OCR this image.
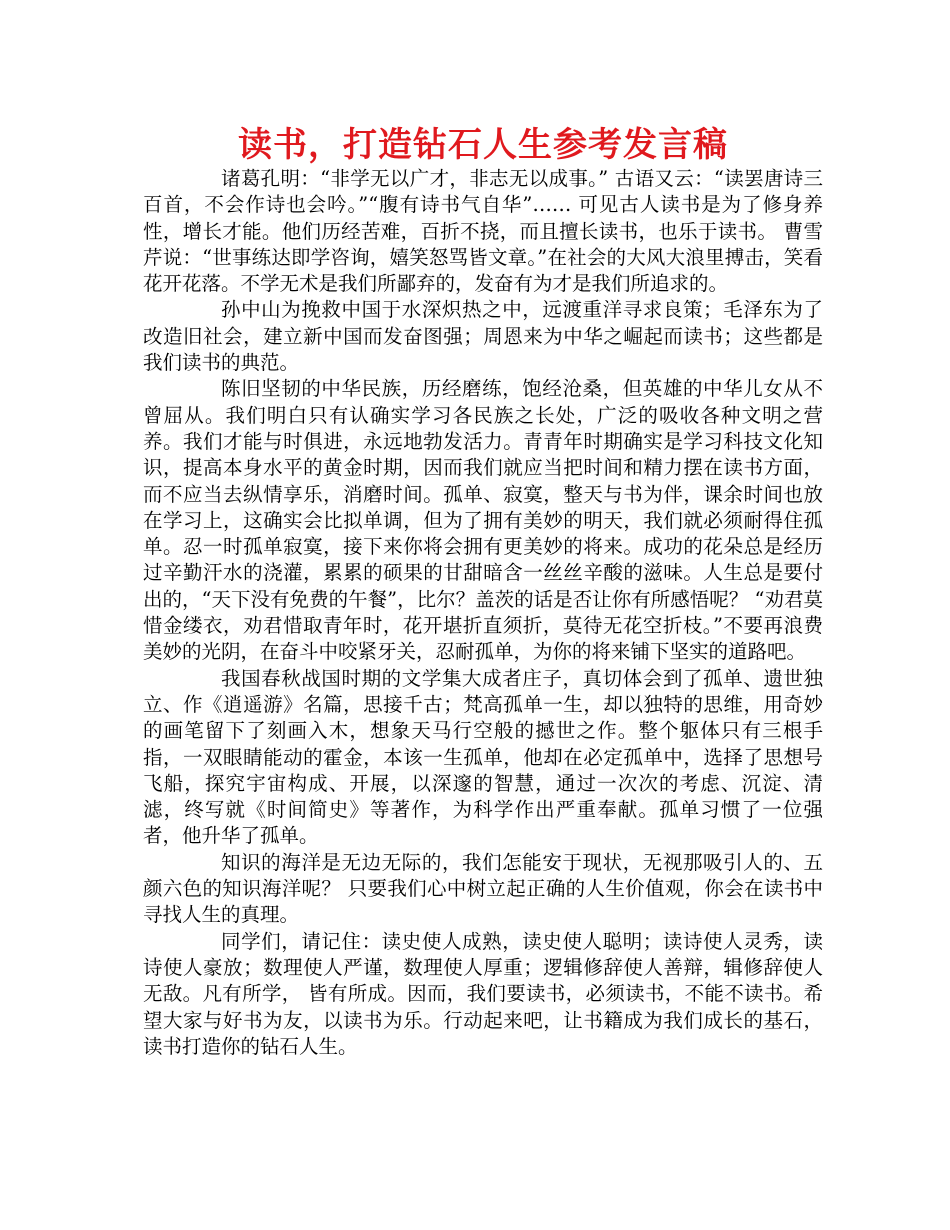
读书，打造钻石人生参考发言稿

诸葛孔明：“非学无以广才，非志无以成事。” 古语又云：“读罢唐诗三百首，不会作诗也会吟。”“腹有诗书气自华”…… 可见古人读书是为了修身养性，增长才能。他们历经苦难，百折不挠，而且擅长读书，也乐于读书。 曹雪芹说：“世事练达即学咨询，嬉笑怒骂皆文章。”在社会的大风大浪里搏击，笑看花开花落。不学无术是我们所鄙弃的，发奋有为才是我们所追求的。

孙中山为挽救中国于水深炽热之中，远渡重洋寻求良策；毛泽东为了改造旧社会，建立新中国而发奋图强；周恩来为中华之崛起而读书；这些都是我们读书的典范。

陈旧坚韧的中华民族，历经磨练，饱经沧桑，但英雄的中华儿女从不曾屈从。我们明白只有认确实学习各民族之长处，广泛的吸收各种文明之营养。我们才能与时俱进，永远地勃发活力。青青年时期确实是学习科技文化知识，提高本身水平的黄金时期，因而我们就应当把时间和精力摆在读书方面，而不应当去纵情享乐，消磨时间。孤单、寂寞，整天与书为伴，课余时间也放在学习上，这确实会比拟单调，但为了拥有美妙的明天，我们就必须耐得住孤单。忍一时孤单寂寞，接下来你将会拥有更美妙的将来。成功的花朵总是经历过辛勤汗水的浇灌，累累的硕果的甘甜暗含一丝丝辛酸的滋味。人生总是要付出的，“天下没有免费的午餐”，比尔？盖茨的话是否让你有所感悟呢？ “劝君莫惜金缕衣，劝君惜取青年时，花开堪折直须折，莫待无花空折枝。”不要再浪费美妙的光阴，在奋斗中咬紧牙关，忍耐孤单，为你的将来铺下坚实的道路吧。

我国春秋战国时期的文学集大成者庄子，真切体会到了孤单、遗世独立、作《逍遥游》名篇，思接千古；梵高孤单一生，却以独特的思维，用奇妙的画笔留下了刻画入木，想象天马行空般的撼世之作。整个躯体只有三根手指，一双眼睛能动的霍金，本该一生孤单，他却在必定孤单中，选择了思想号飞船，探究宇宙构成、开展，以深邃的智慧，通过一次次的考虑、沉淀、清滤，终写就《时间简史》等著作，为科学作出严重奉献。孤单习惯了一位强者，他升华了孤单。

知识的海洋是无边无际的，我们怎能安于现状，无视那吸引人的、五颜六色的知识海洋呢？ 只要我们心中树立起正确的人生价值观，你会在读书中寻找人生的真理。

同学们，请记住：读史使人成熟，读史使人聪明；读诗使人灵秀，读诗使人豪放；数理使人严谨，数理使人厚重；逻辑修辞使人善辩，辑修辞使人无敌。凡有所学， 皆有所成。因而，我们要读书，必须读书，不能不读书。希望大家与好书为友，以读书为乐。行动起来吧，让书籍成为我们成长的基石，读书打造你的钻石人生。
